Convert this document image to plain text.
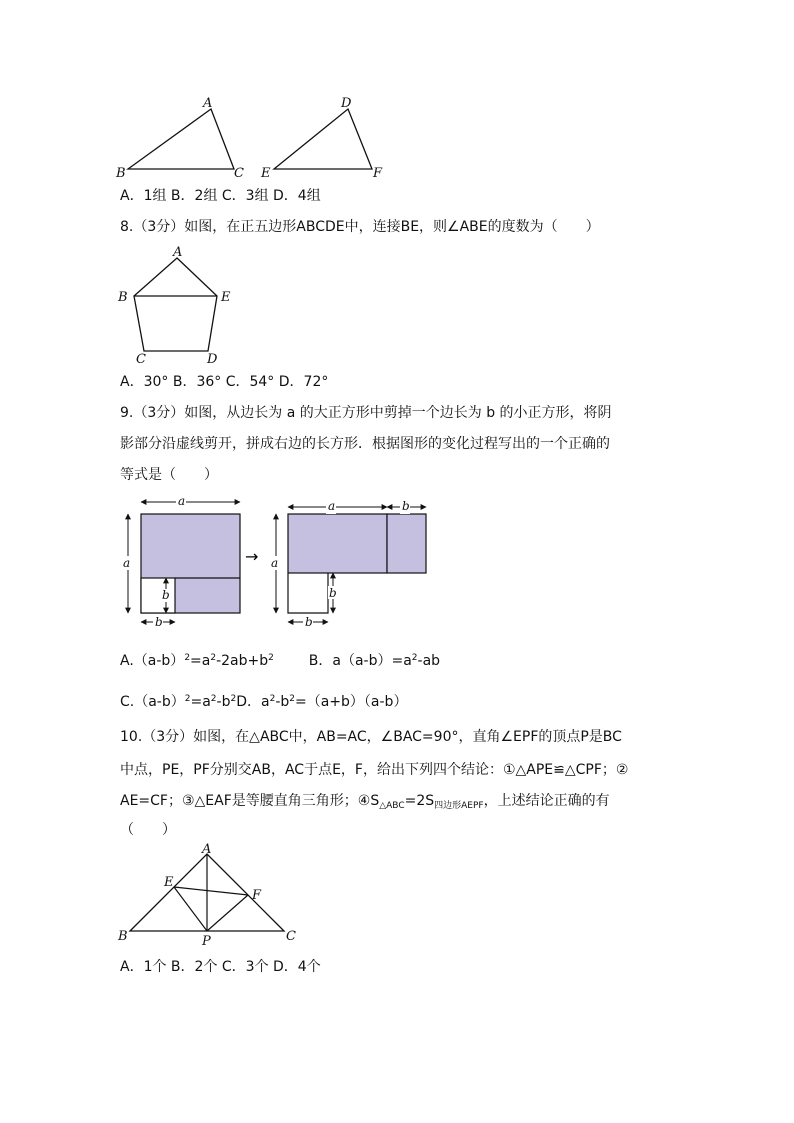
A
B	C
D
E	F
A．1组 B．2组 C．3组 D．4组
8.（3分）如图，在正五边形ABCDE中，连接BE，则∠ABE的度数为（　　）
A
B	E
C	D
A．30° B．36° C．54° D．72°
9.（3分）如图，从边长为 a 的大正方形中剪掉一个边长为 b 的小正方形，将阴
影部分沿虚线剪开，拼成右边的长方形．根据图形的变化过程写出的一个正确的
等式是（　　）
a
a
b
b
→
a	b
a
b
b
$A.(a-b)^2=a^2-2ab+b^2$ B．$a(a-b)=a^2-ab$
$C.(a-b)^2=a^2-b^2D$．$a^2-b^2=(a+b)(a-b)$
10.（3分）如图，在△ABC中，AB=AC，∠BAC=90°，直角∠EPF的顶点P是BC
中点，PE，PF分别交AB，AC于点E，F，给出下列四个结论：①△APE≌△CPF；②
AE=CF；③△EAF是等腰直角三角形；$④S_{\triangle ABC}=2S_{四边形AEPF}$，上述结论正确的有
（　　）
A
E
F
B	C
P
A．1个 B．2个 C．3个 D．4个
